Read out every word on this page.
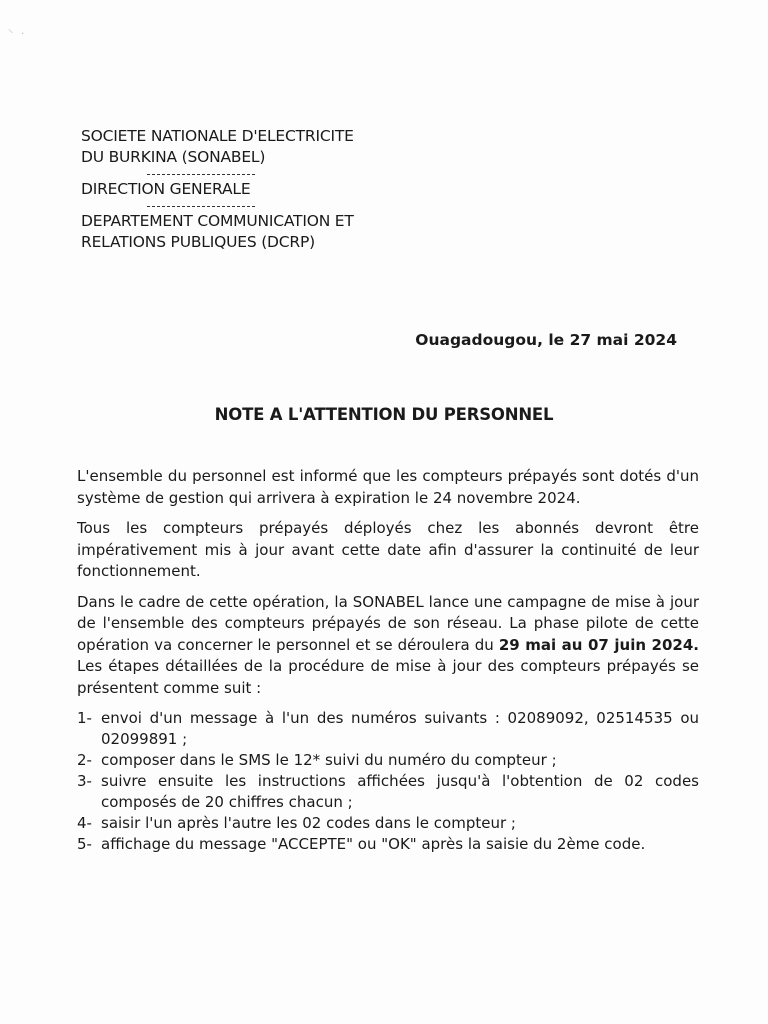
⸌ ·
SOCIETE NATIONALE D'ELECTRICITE
DU BURKINA (SONABEL)
DIRECTION GENERALE
DEPARTEMENT COMMUNICATION ET
RELATIONS PUBLIQUES (DCRP)
Ouagadougou, le 27 mai 2024
NOTE A L'ATTENTION DU PERSONNEL

L'ensemble du personnel est informé que les compteurs prépayés sont dotés d'un système de gestion qui arrivera à expiration le 24 novembre 2024.

Tous les compteurs prépayés déployés chez les abonnés devront être impérativement mis à jour avant cette date afin d'assurer la continuité de leur fonctionnement.

Dans le cadre de cette opération, la SONABEL lance une campagne de mise à jour de l'ensemble des compteurs prépayés de son réseau. La phase pilote de cette opération va concerner le personnel et se déroulera du 29 mai au 07 juin 2024. Les étapes détaillées de la procédure de mise à jour des compteurs prépayés se présentent comme suit :

1- envoi d'un message à l'un des numéros suivants : 02089092, 02514535 ou 02099891 ;
2- composer dans le SMS le 12* suivi du numéro du compteur ;
3- suivre ensuite les instructions affichées jusqu'à l'obtention de 02 codes composés de 20 chiffres chacun ;
4- saisir l'un après l'autre les 02 codes dans le compteur ;
5- affichage du message "ACCEPTE" ou "OK" après la saisie du 2ème code.
